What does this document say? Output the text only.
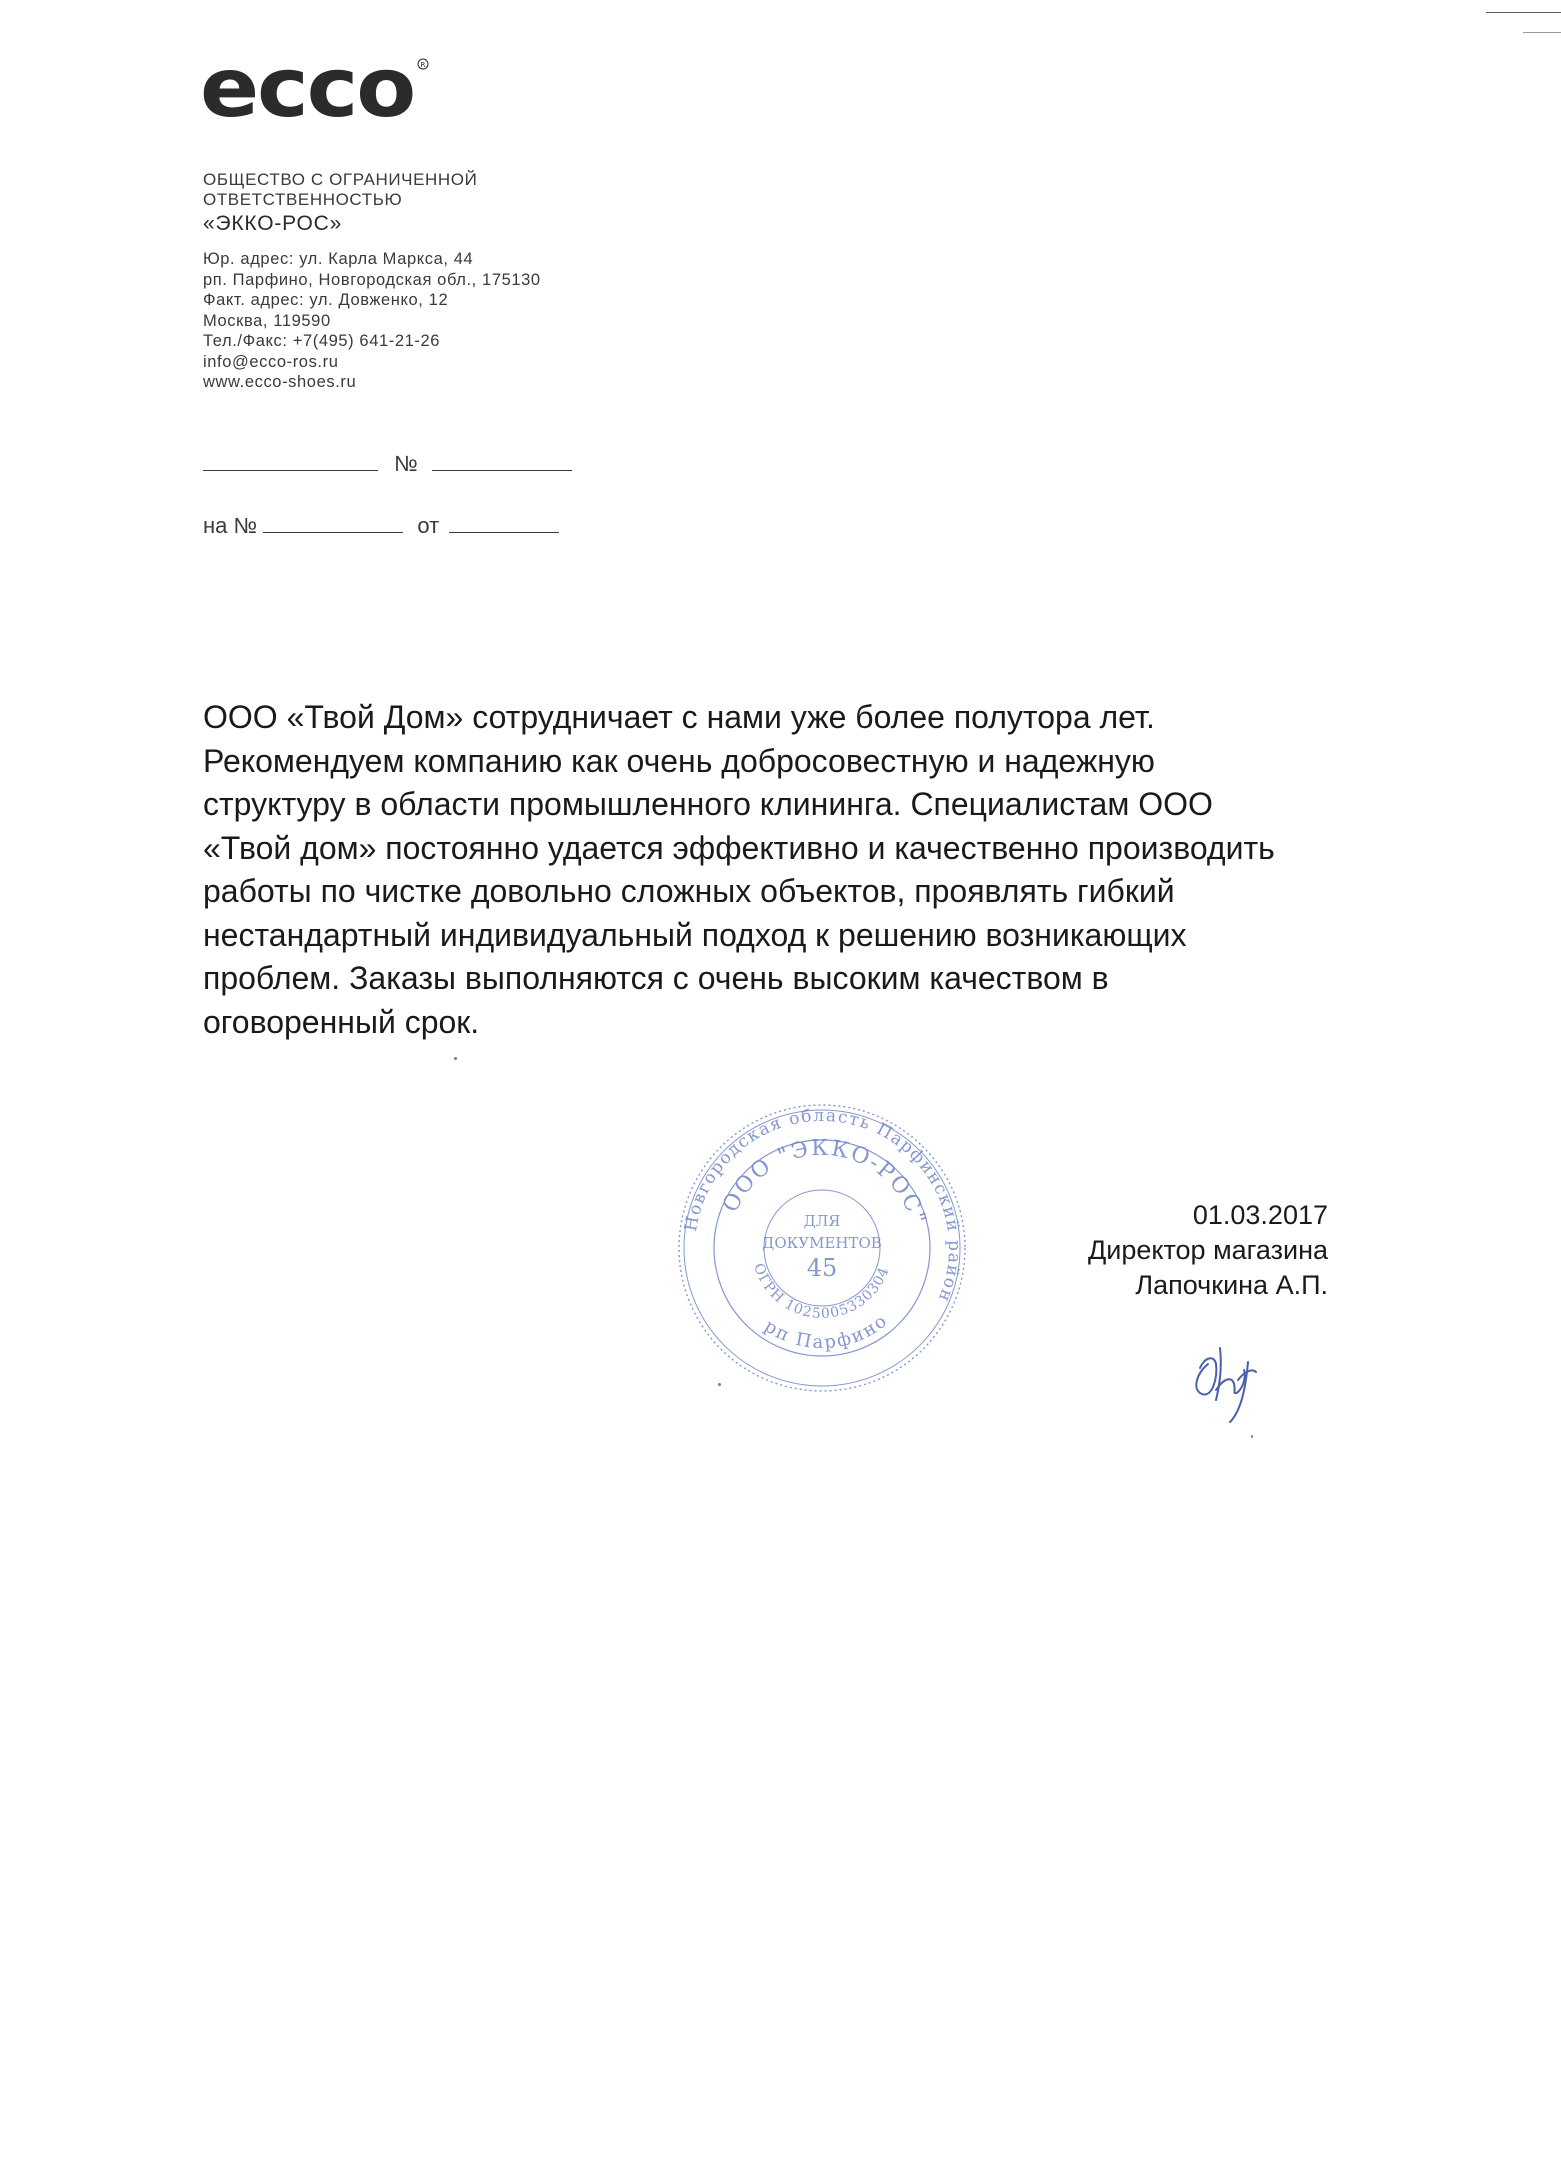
ecco R
ОБЩЕСТВО С ОГРАНИЧЕННОЙ
ОТВЕТСТВЕННОСТЬЮ
«ЭККО-РОС»
Юр. адрес: ул. Карла Маркса, 44
рп. Парфино, Новгородская обл., 175130
Факт. адрес: ул. Довженко, 12
Москва, 119590
Тел./Факс: +7(495) 641-21-26
info@ecco-ros.ru
www.ecco-shoes.ru
№
на №	от
ООО «Твой Дом» сотрудничает с нами уже более полутора лет.
Рекомендуем компанию как очень добросовестную и надежную
структуру в области промышленного клининга. Специалистам ООО
«Твой дом» постоянно удается эффективно и качественно производить
работы по чистке довольно сложных объектов, проявлять гибкий
нестандартный индивидуальный подход к решению возникающих
проблем. Заказы выполняются с очень высоким качеством в
оговоренный срок.
Новгородская область Парфинский район
ООО "ЭККО-РОС"
ОГРН 1025005330304
рп Парфино
ДЛЯ
ДОКУМЕНТОВ
45
01.03.2017
Директор магазина
Лапочкина А.П.
